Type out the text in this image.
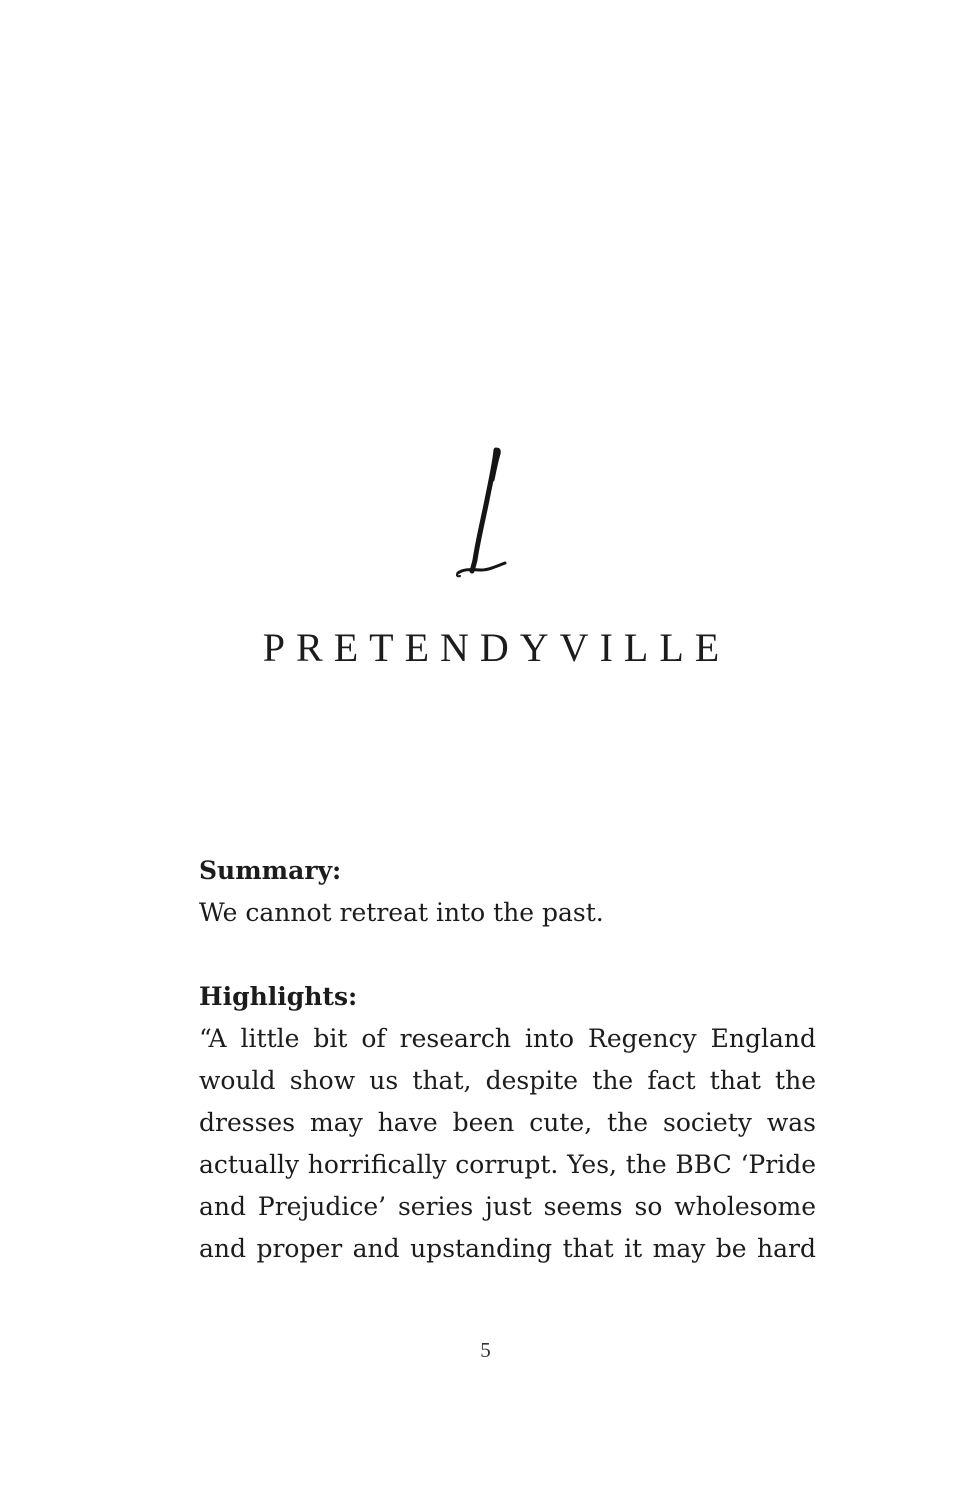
PRETENDYVILLE

Summary:

We cannot retreat into the past.

Highlights:

“A little bit of research into Regency England
would show us that, despite the fact that the
dresses may have been cute, the society was
actually horrifically corrupt. Yes, the BBC ‘Pride
and Prejudice’ series just seems so wholesome
and proper and upstanding that it may be hard
5
